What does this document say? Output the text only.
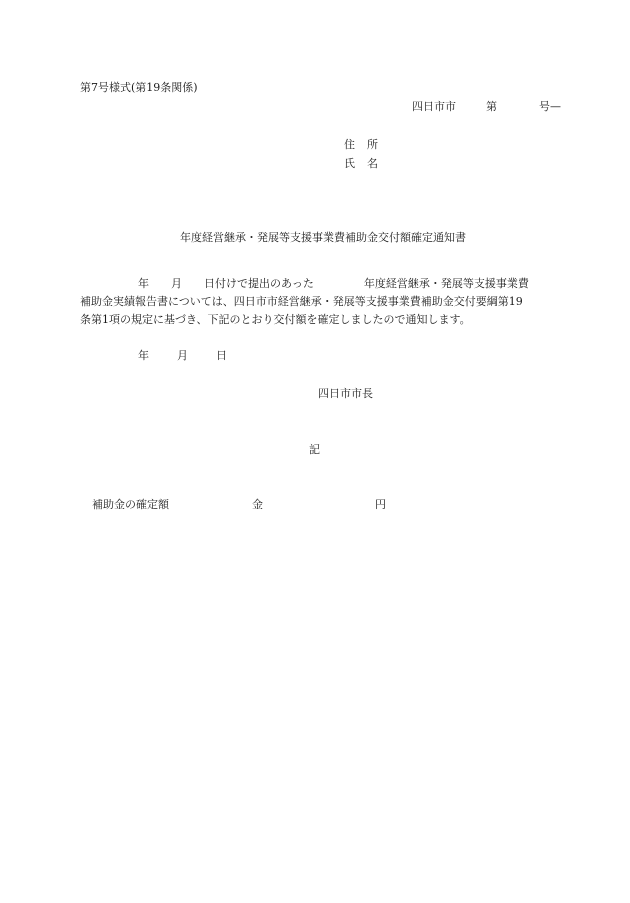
第7号様式(第19条関係)
四日市市	第	号—
住所
氏名
年度経営継承・発展等支援事業費補助金交付額確定通知書
年 月 日付けで提出のあった	年度経営継承・発展等支援事業費
補助金実績報告書については、四日市市経営継承・発展等支援事業費補助金交付要綱第19
条第1項の規定に基づき、下記のとおり交付額を確定しましたので通知します。
年	月	日
四日市市長
記
補助金の確定額	金	円
